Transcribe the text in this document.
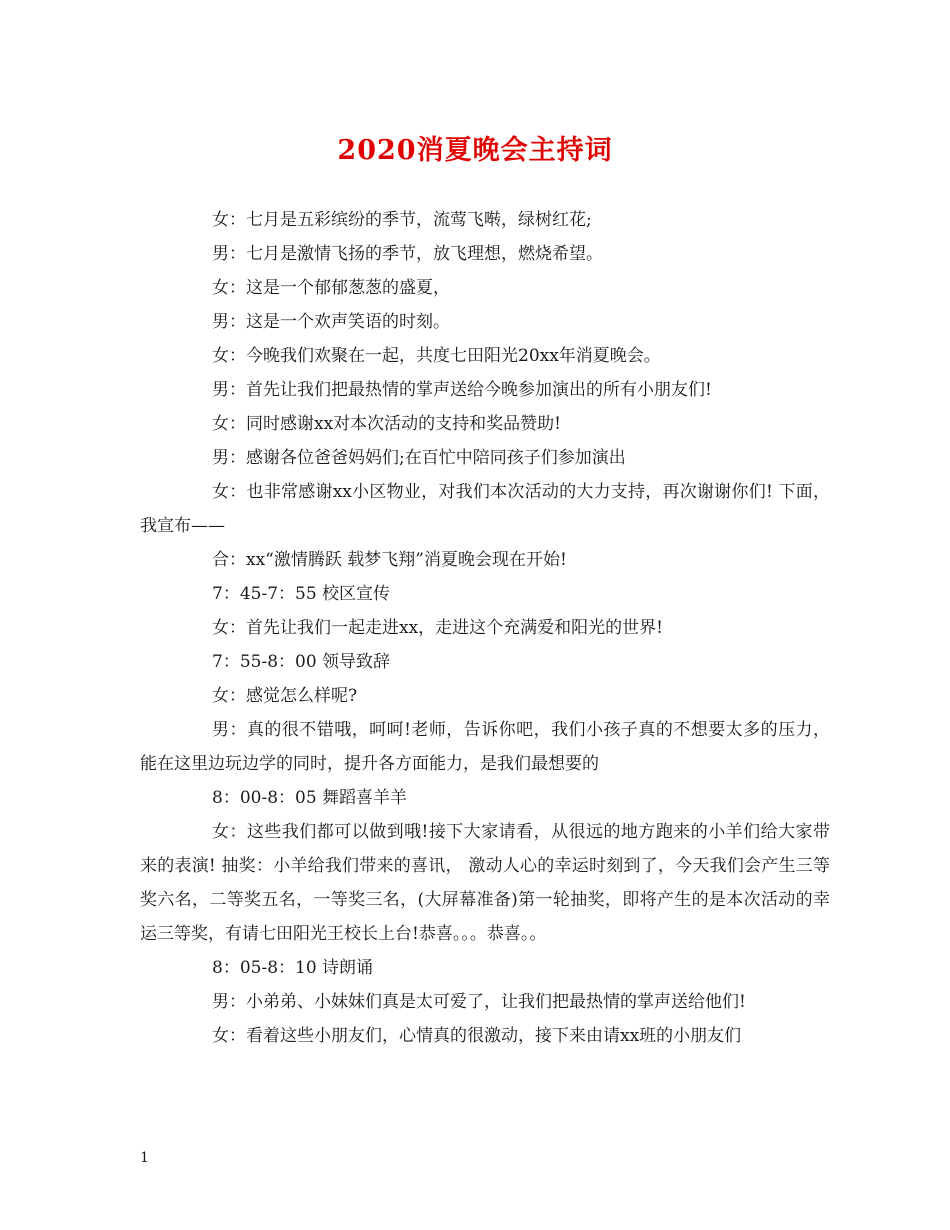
2020消夏晚会主持词

女：七月是五彩缤纷的季节，流莺飞啭，绿树红花;

男：七月是激情飞扬的季节，放飞理想，燃烧希望。

女：这是一个郁郁葱葱的盛夏，

男：这是一个欢声笑语的时刻。

女：今晚我们欢聚在一起，共度七田阳光20xx年消夏晚会。

男：首先让我们把最热情的掌声送给今晚参加演出的所有小朋友们!

女：同时感谢xx对本次活动的支持和奖品赞助!

男：感谢各位爸爸妈妈们;在百忙中陪同孩子们参加演出

女：也非常感谢xx小区物业，对我们本次活动的大力支持，再次谢谢你们! 下面，我宣布——

合：xx“激情腾跃 载梦飞翔”消夏晚会现在开始!

7：45-7：55 校区宣传

女：首先让我们一起走进xx，走进这个充满爱和阳光的世界!

7：55-8：00 领导致辞

女：感觉怎么样呢?

男：真的很不错哦，呵呵!老师，告诉你吧，我们小孩子真的不想要太多的压力，能在这里边玩边学的同时，提升各方面能力，是我们最想要的

8：00-8：05 舞蹈喜羊羊

女：这些我们都可以做到哦!接下大家请看，从很远的地方跑来的小羊们给大家带来的表演! 抽奖：小羊给我们带来的喜讯， 激动人心的幸运时刻到了，今天我们会产生三等奖六名，二等奖五名，一等奖三名，(大屏幕准备)第一轮抽奖，即将产生的是本次活动的幸运三等奖，有请七田阳光王校长上台!恭喜。。。恭喜。。

8：05-8：10 诗朗诵

男：小弟弟、小妹妹们真是太可爱了，让我们把最热情的掌声送给他们!

女：看着这些小朋友们，心情真的很激动，接下来由请xx班的小朋友们

1
